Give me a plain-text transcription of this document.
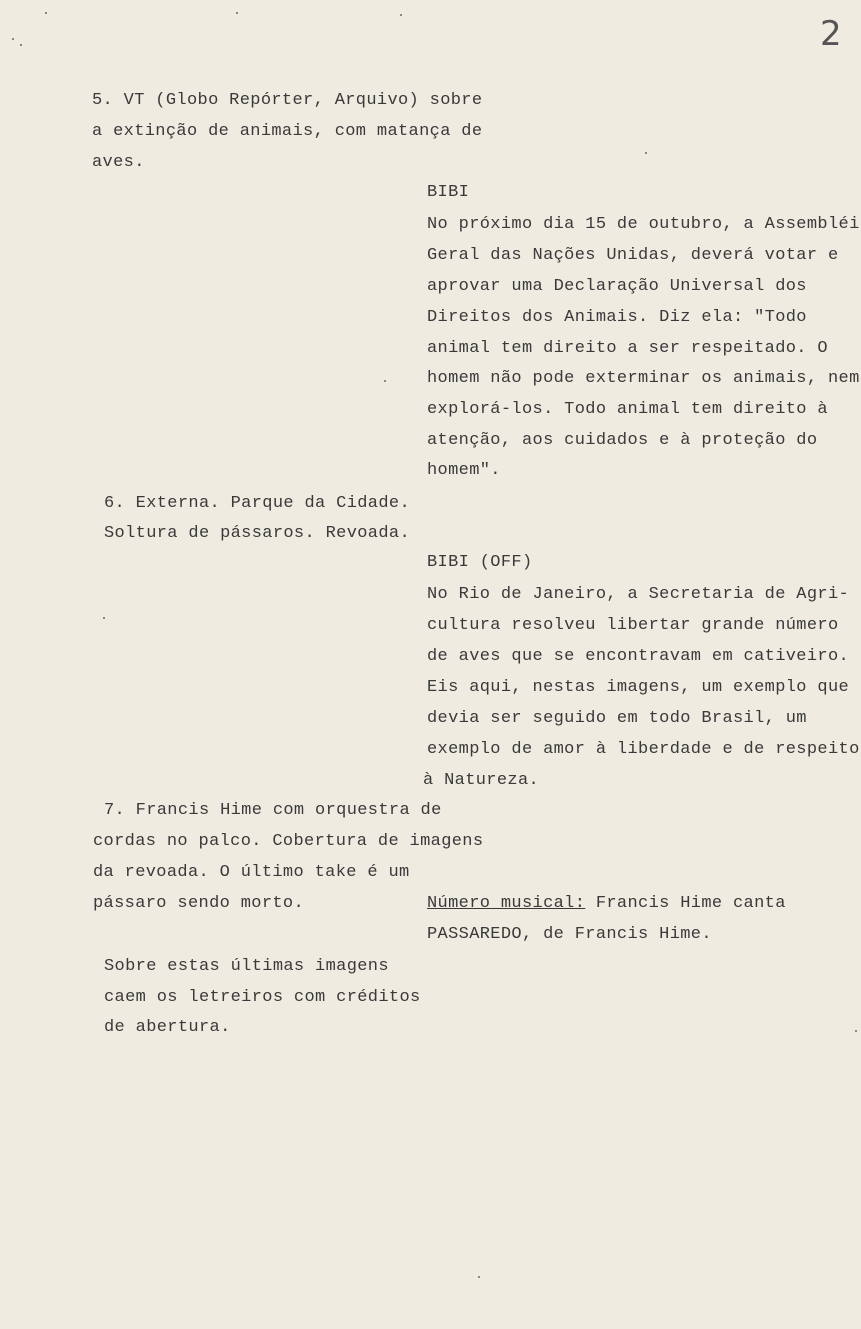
2
5. VT (Globo Repórter, Arquivo) sobre
a extinção de animais, com matança de
aves.
BIBI
No próximo dia 15 de outubro, a Assembléi
Geral das Nações Unidas, deverá votar e
aprovar uma Declaração Universal dos
Direitos dos Animais. Diz ela: "Todo
animal tem direito a ser respeitado. O
homem não pode exterminar os animais, nem
explorá-los. Todo animal tem direito à
atenção, aos cuidados e à proteção do
homem".
6. Externa. Parque da Cidade.
Soltura de pássaros. Revoada.
BIBI (OFF)
No Rio de Janeiro, a Secretaria de Agri-
cultura resolveu libertar grande número
de aves que se encontravam em cativeiro.
Eis aqui, nestas imagens, um exemplo que
devia ser seguido em todo Brasil, um
exemplo de amor à liberdade e de respeito
à Natureza.
7. Francis Hime com orquestra de
cordas no palco. Cobertura de imagens
da revoada. O último take é um
pássaro sendo morto.	Número musical: Francis Hime canta
PASSAREDO, de Francis Hime.
Sobre estas últimas imagens
caem os letreiros com créditos
de abertura.
